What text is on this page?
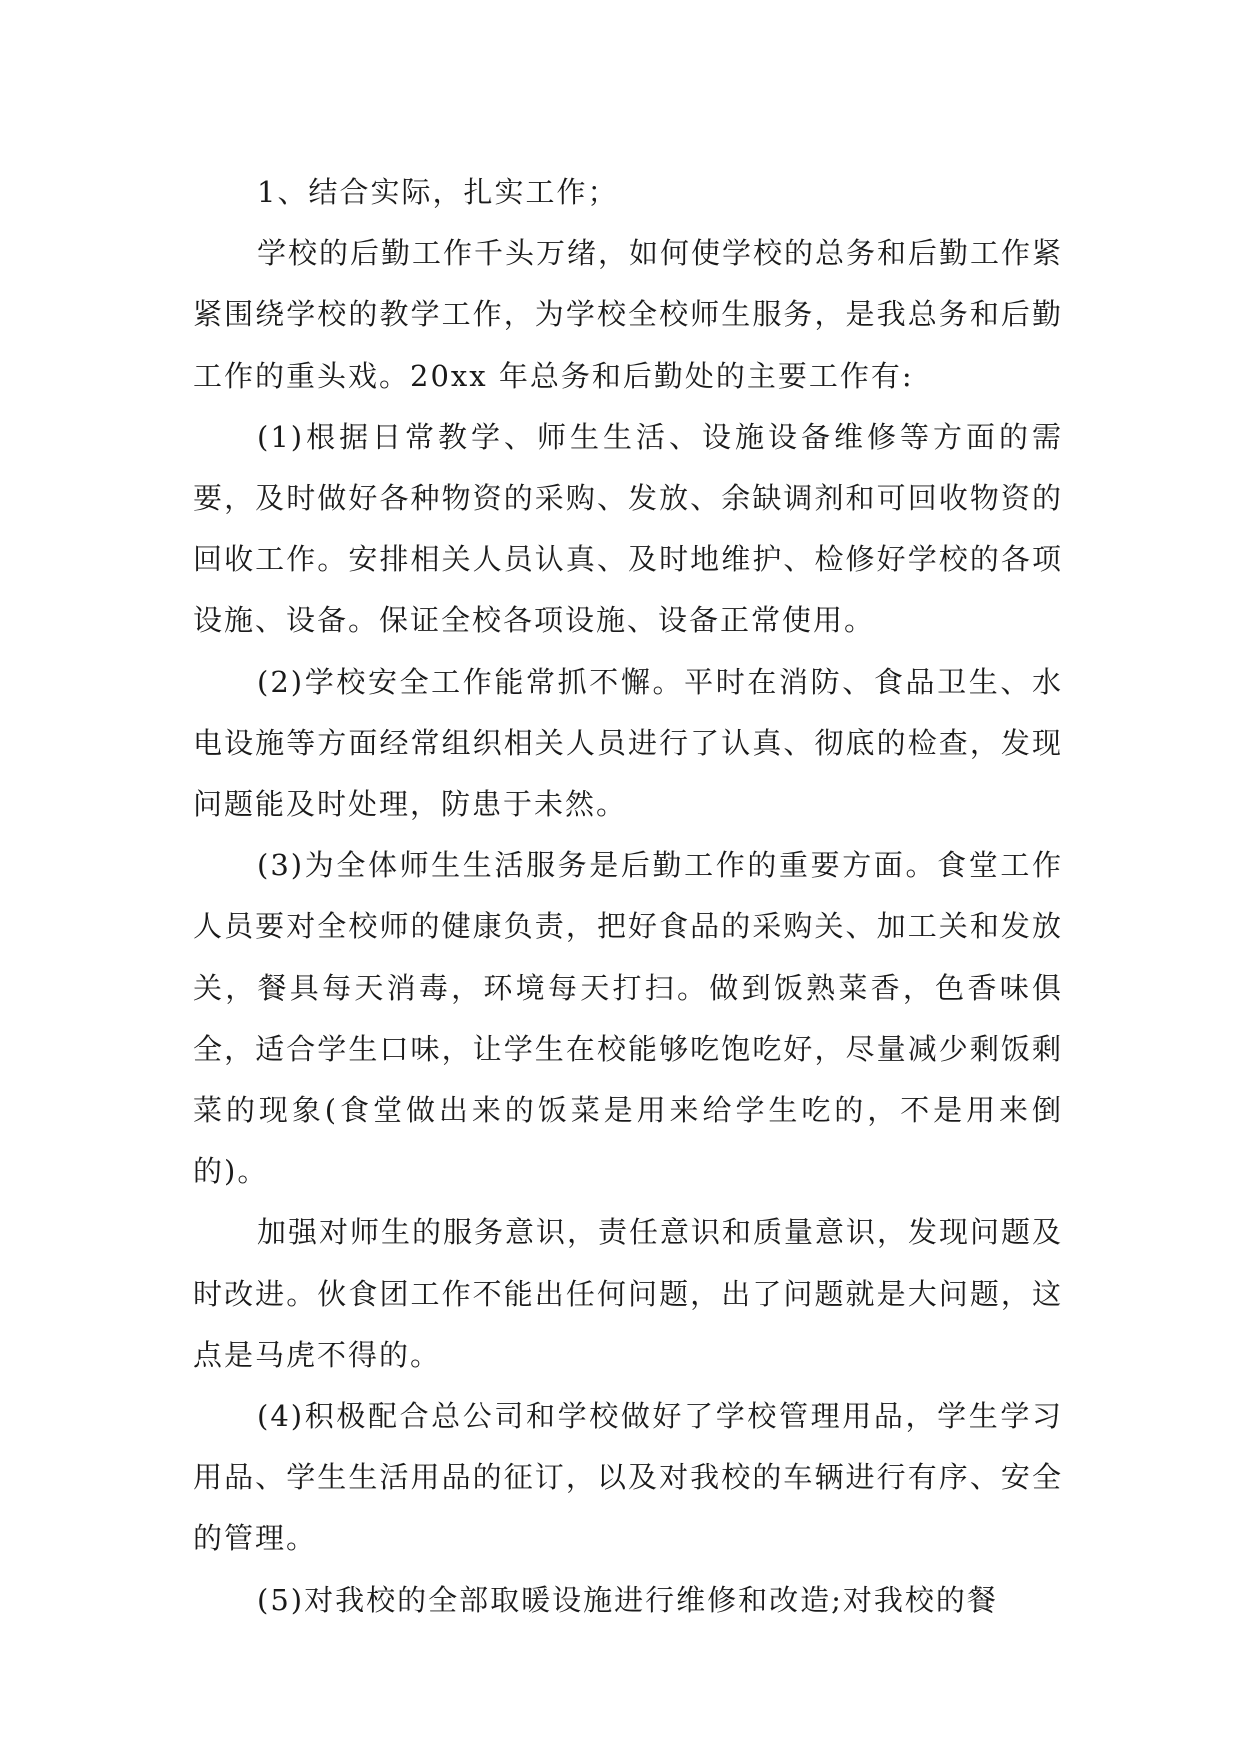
1、结合实际，扎实工作；

学校的后勤工作千头万绪，如何使学校的总务和后勤工作紧紧围绕学校的教学工作，为学校全校师生服务，是我总务和后勤工作的重头戏。20xx 年总务和后勤处的主要工作有:

(1)根据日常教学、师生生活、设施设备维修等方面的需要，及时做好各种物资的采购、发放、余缺调剂和可回收物资的回收工作。安排相关人员认真、及时地维护、检修好学校的各项设施、设备。保证全校各项设施、设备正常使用。

(2)学校安全工作能常抓不懈。平时在消防、食品卫生、水电设施等方面经常组织相关人员进行了认真、彻底的检查，发现问题能及时处理，防患于未然。

(3)为全体师生生活服务是后勤工作的重要方面。食堂工作人员要对全校师的健康负责，把好食品的采购关、加工关和发放关，餐具每天消毒，环境每天打扫。做到饭熟菜香，色香味俱全，适合学生口味，让学生在校能够吃饱吃好，尽量减少剩饭剩菜的现象(食堂做出来的饭菜是用来给学生吃的，不是用来倒的)。

加强对师生的服务意识，责任意识和质量意识，发现问题及时改进。伙食团工作不能出任何问题，出了问题就是大问题，这点是马虎不得的。

(4)积极配合总公司和学校做好了学校管理用品，学生学习用品、学生生活用品的征订，以及对我校的车辆进行有序、安全的管理。

(5)对我校的全部取暖设施进行维修和改造;对我校的餐
